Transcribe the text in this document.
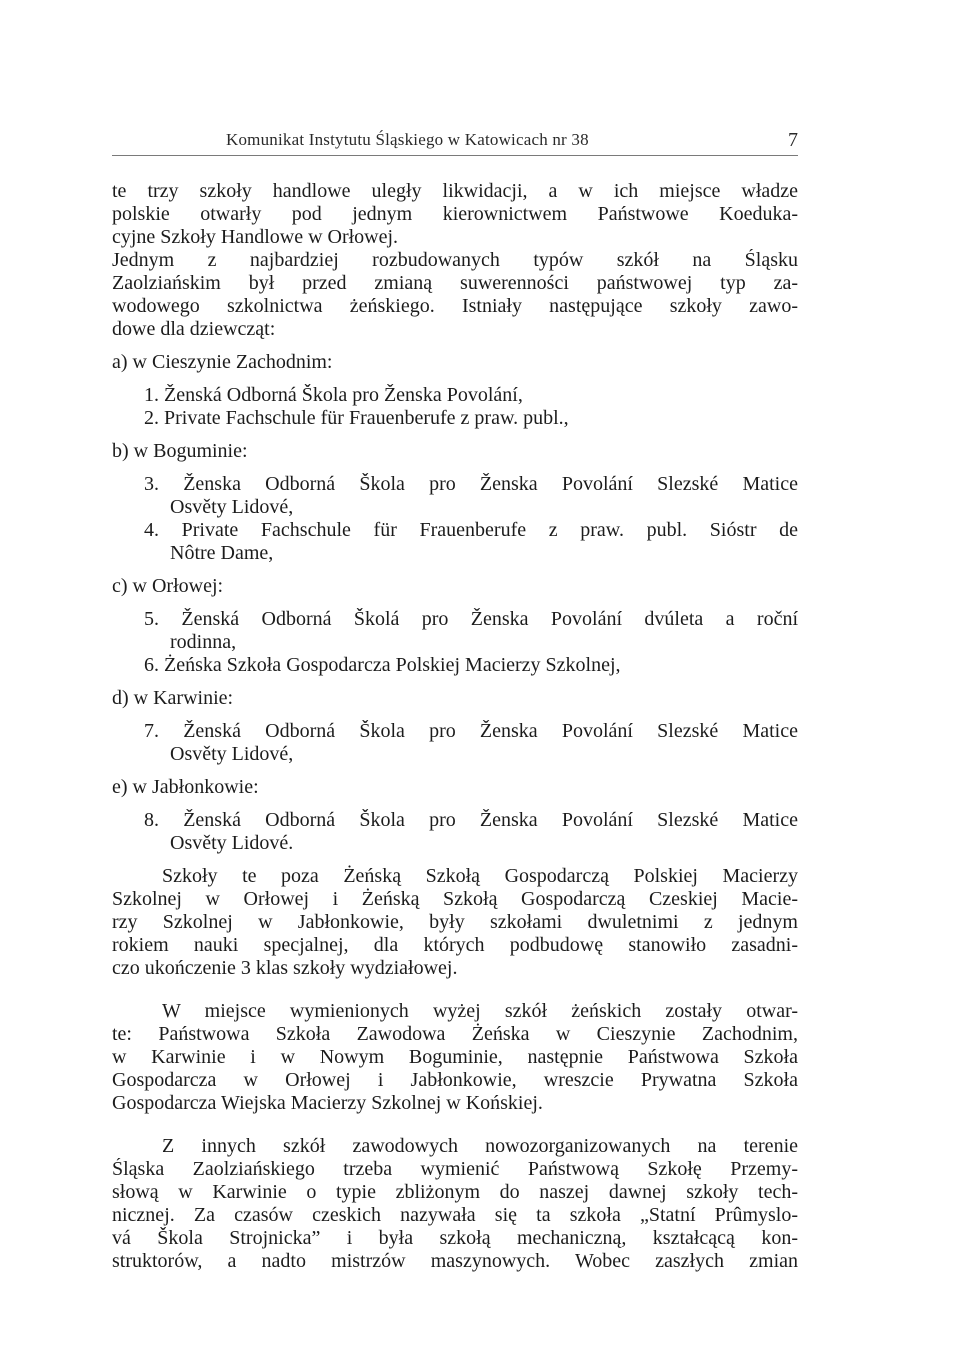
Komunikat Instytutu Śląskiego w Katowicach nr 38	7
te trzy szkoły handlowe uległy likwidacji, a w ich miejsce władze
polskie otwarły pod jednym kierownictwem Państwowe Koeduka-
cyjne Szkoły Handlowe w Orłowej.
Jednym z najbardziej rozbudowanych typów szkół na Śląsku
Zaolziańskim był przed zmianą suwerenności państwowej typ za-
wodowego szkolnictwa żeńskiego. Istniały następujące szkoły zawo-
dowe dla dziewcząt:
a) w Cieszynie Zachodnim:
1. Ženská Odborná Škola pro Ženska Povolání,
2. Private Fachschule für Frauenberufe z praw. publ.,
b) w Boguminie:
3. Ženska Odborná Škola pro Ženska Povolání Slezské Matice
Osvěty Lidové,
4. Private Fachschule für Frauenberufe z praw. publ. Sióstr de
Nôtre Dame,
c) w Orłowej:
5. Ženská Odborná Školá pro Ženska Povolání dvúleta a roční
rodinna,
6. Żeńska Szkoła Gospodarcza Polskiej Macierzy Szkolnej,
d) w Karwinie:
7. Ženská Odborná Škola pro Ženska Povolání Slezské Matice
Osvěty Lidové,
e) w Jabłonkowie:
8. Ženská Odborná Škola pro Ženska Povolání Slezské Matice
Osvěty Lidové.
Szkoły te poza Żeńską Szkołą Gospodarczą Polskiej Macierzy
Szkolnej w Orłowej i Żeńską Szkołą Gospodarczą Czeskiej Macie-
rzy Szkolnej w Jabłonkowie, były szkołami dwuletnimi z jednym
rokiem nauki specjalnej, dla których podbudowę stanowiło zasadni-
czo ukończenie 3 klas szkoły wydziałowej.
W miejsce wymienionych wyżej szkół żeńskich zostały otwar-
te: Państwowa Szkoła Zawodowa Żeńska w Cieszynie Zachodnim,
w Karwinie i w Nowym Boguminie, następnie Państwowa Szkoła
Gospodarcza w Orłowej i Jabłonkowie, wreszcie Prywatna Szkoła
Gospodarcza Wiejska Macierzy Szkolnej w Końskiej.
Z innych szkół zawodowych nowozorganizowanych na terenie
Śląska Zaolziańskiego trzeba wymienić Państwową Szkołę Przemy-
słową w Karwinie o typie zbliżonym do naszej dawnej szkoły tech-
nicznej. Za czasów czeskich nazywała się ta szkoła „Statní Prûmyslo-
vá Škola Strojnicka” i była szkołą mechaniczną, kształcącą kon-
struktorów, a nadto mistrzów maszynowych. Wobec zaszłych zmian
